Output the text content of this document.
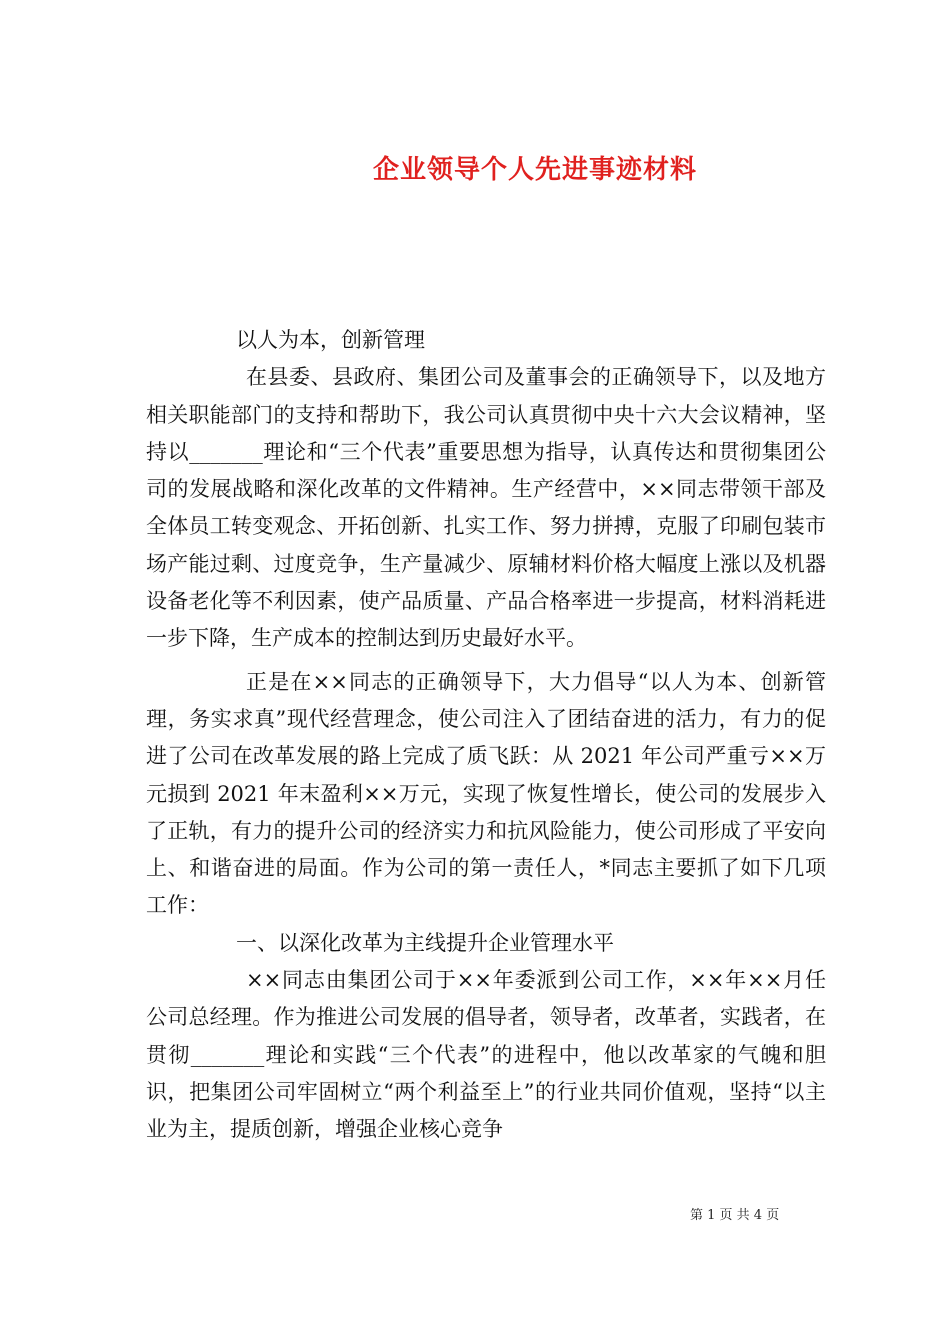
企业领导个人先进事迹材料

以人为本，创新管理

在县委、县政府、集团公司及董事会的正确领导下，以及地方相关职能部门的支持和帮助下，我公司认真贯彻中央十六大会议精神，坚持以_______理论和“三个代表”重要思想为指导，认真传达和贯彻集团公司的发展战略和深化改革的文件精神。生产经营中，××同志带领干部及全体员工转变观念、开拓创新、扎实工作、努力拼搏，克服了印刷包装市场产能过剩、过度竞争，生产量减少、原辅材料价格大幅度上涨以及机器设备老化等不利因素，使产品质量、产品合格率进一步提高，材料消耗进一步下降，生产成本的控制达到历史最好水平。

正是在××同志的正确领导下，大力倡导“以人为本、创新管理，务实求真”现代经营理念，使公司注入了团结奋进的活力，有力的促进了公司在改革发展的路上完成了质飞跃：从 2021 年公司严重亏××万元损到 2021 年末盈利××万元，实现了恢复性增长，使公司的发展步入了正轨，有力的提升公司的经济实力和抗风险能力，使公司形成了平安向上、和谐奋进的局面。作为公司的第一责任人，*同志主要抓了如下几项工作：

一、以深化改革为主线提升企业管理水平

××同志由集团公司于××年委派到公司工作，××年××月任公司总经理。作为推进公司发展的倡导者，领导者，改革者，实践者，在贯彻_______理论和实践“三个代表”的进程中，他以改革家的气魄和胆识，把集团公司牢固树立“两个利益至上”的行业共同价值观，坚持“以主业为主，提质创新，增强企业核心竞争

第 1 页 共 4 页
